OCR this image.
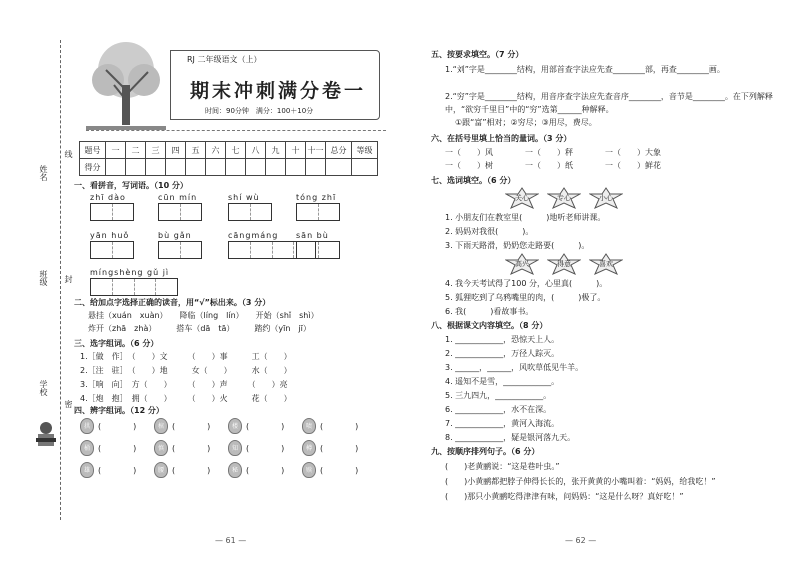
RJ 二年级语文（上）
期末冲刺满分卷一
时间：90分钟　满分：100＋10分
姓名
班级
学校
线
封
密
题号	一	二	三	四	五	六	七	八	九	十	十一	总分	等级
得分													
一、看拼音，写词语。（10 分）
zhī dào	cūn mín	shí wù	tóng zhī
yān huǒ	bù gǎn	cāngmáng sān bù
míngshèng gǔ jì
二、给加点字选择正确的读音，用“√”标出来。（3 分）
悬挂（xuán　xuàn）　　降临（líng　lín）　　开始（shǐ　shì）
炸开（zhā　zhà）　　　搭车（dā　tā）　　　踏约（yīn　jī）
三、选字组词。（6 分）
1.［做　作］　（　　）文　　　（　　）事　　　工（　　）
2.［注　驻］　（　　）地　　　女（　　）　　　水（　　）
3.［响　向］　方（　　）　　　（　　）声　　　（　　）亮
4.［炮　抱］　拥（　　）　　　（　　）火　　　花（　　）
四、辨字组词。（12 分）
拱	(　　　　)	棺	(　　　　)	楼	(　　　　)	啧	(　　　　)
桶	(　　　　)	慎	(　　　　)	知	(　　　　)	樽	(　　　　)
雄	(　　　　)	腰	(　　　　)	秘	(　　　　)	赎	(　　　　)
— 61 —
五、按要求填空。（7 分）
1.“刘”字是________结构，用部首查字法应先查________部，再查________画。
2.“穷”字是________结构，用音序查字法应先查音序________，音节是________。在下列解释中，“欲穷千里目”中的“穷”选第______种解释。
①跟“富”相对；②穷尽；③用尽，费尽。
六、在括号里填上恰当的量词。（3 分）
一（　　）风　　　　一（　　）秤　　　　一（　　）大象
一（　　）树　　　　一（　　）纸　　　　一（　　）鲜花
七、选词填空。（6 分）
关心	专心	小心
1. 小朋友们在教室里(　　　)地听老师讲课。
2. 妈妈对我很(　　　)。
3. 下雨天路滑，奶奶您走路要(　　　)。
高兴	得意	喜欢
4. 我今天考试得了100 分，心里真(　　　)。
5. 狐狸吃到了乌鸦嘴里的肉，(　　　)极了。
6. 我(　　　)看故事书。
八、根据课文内容填空。（8 分）
1. ____________，恐惊天上人。
2. ____________，万径人踪灭。
3. ______，______，风吹草低见牛羊。
4. 遥知不是雪，____________。
5. 三九四九，____________。
6. ____________，水不在深。
7. ____________，黄河入海流。
8. ____________，疑是银河落九天。
九、按顺序排列句子。（6 分）
(　　)老黄鹂说：“这是巷叶虫。”
(　　)小黄鹂都把脖子伸得长长的，张开黄黄的小嘴叫着：“妈妈，给我吃！”
(　　)那只小黄鹂吃得津津有味，问妈妈：“这是什么呀？真好吃！”
— 62 —
